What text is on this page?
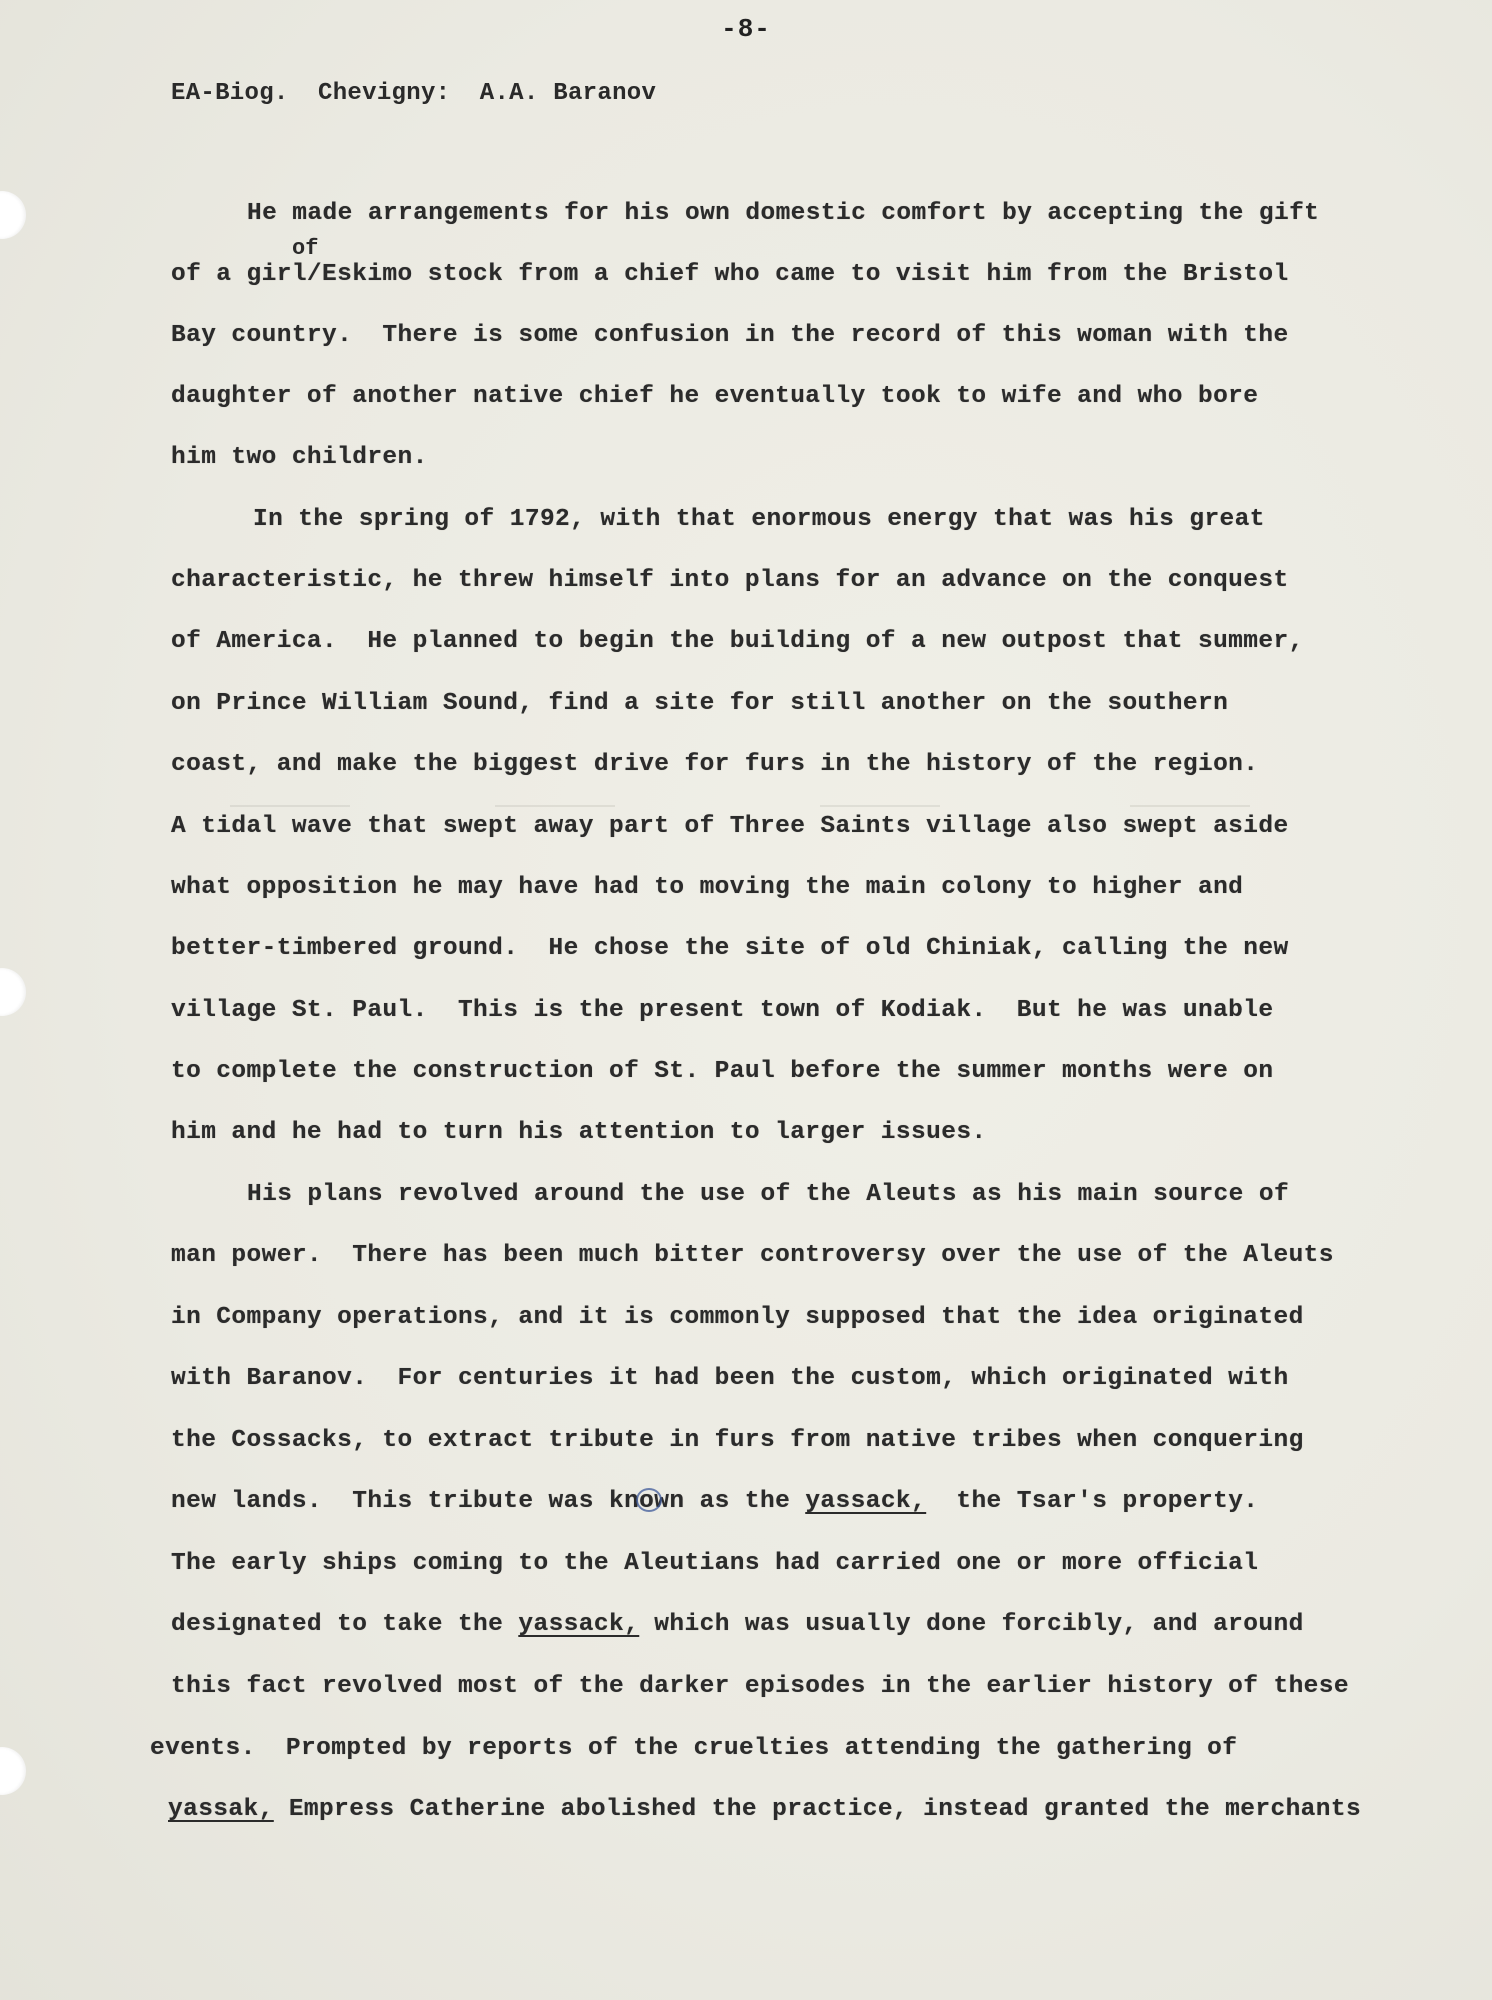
-8-
EA-Biog.  Chevigny:  A.A. Baranov
He made arrangements for his own domestic comfort by accepting the gift
of
of a girl/Eskimo stock from a chief who came to visit him from the Bristol
Bay country.  There is some confusion in the record of this woman with the
daughter of another native chief he eventually took to wife and who bore
him two children.
In the spring of 1792, with that enormous energy that was his great
characteristic, he threw himself into plans for an advance on the conquest
of America.  He planned to begin the building of a new outpost that summer,
on Prince William Sound, find a site for still another on the southern
coast, and make the biggest drive for furs in the history of the region.
A tidal wave that swept away part of Three Saints village also swept aside
what opposition he may have had to moving the main colony to higher and
better-timbered ground.  He chose the site of old Chiniak, calling the new
village St. Paul.  This is the present town of Kodiak.  But he was unable
to complete the construction of St. Paul before the summer months were on
him and he had to turn his attention to larger issues.
His plans revolved around the use of the Aleuts as his main source of
man power.  There has been much bitter controversy over the use of the Aleuts
in Company operations, and it is commonly supposed that the idea originated
with Baranov.  For centuries it had been the custom, which originated with
the Cossacks, to extract tribute in furs from native tribes when conquering
new lands.  This tribute was known as the yassack,  the Tsar's property.
The early ships coming to the Aleutians had carried one or more official
designated to take the yassack, which was usually done forcibly, and around
this fact revolved most of the darker episodes in the earlier history of these
events.  Prompted by reports of the cruelties attending the gathering of
yassak, Empress Catherine abolished the practice, instead granted the merchants
